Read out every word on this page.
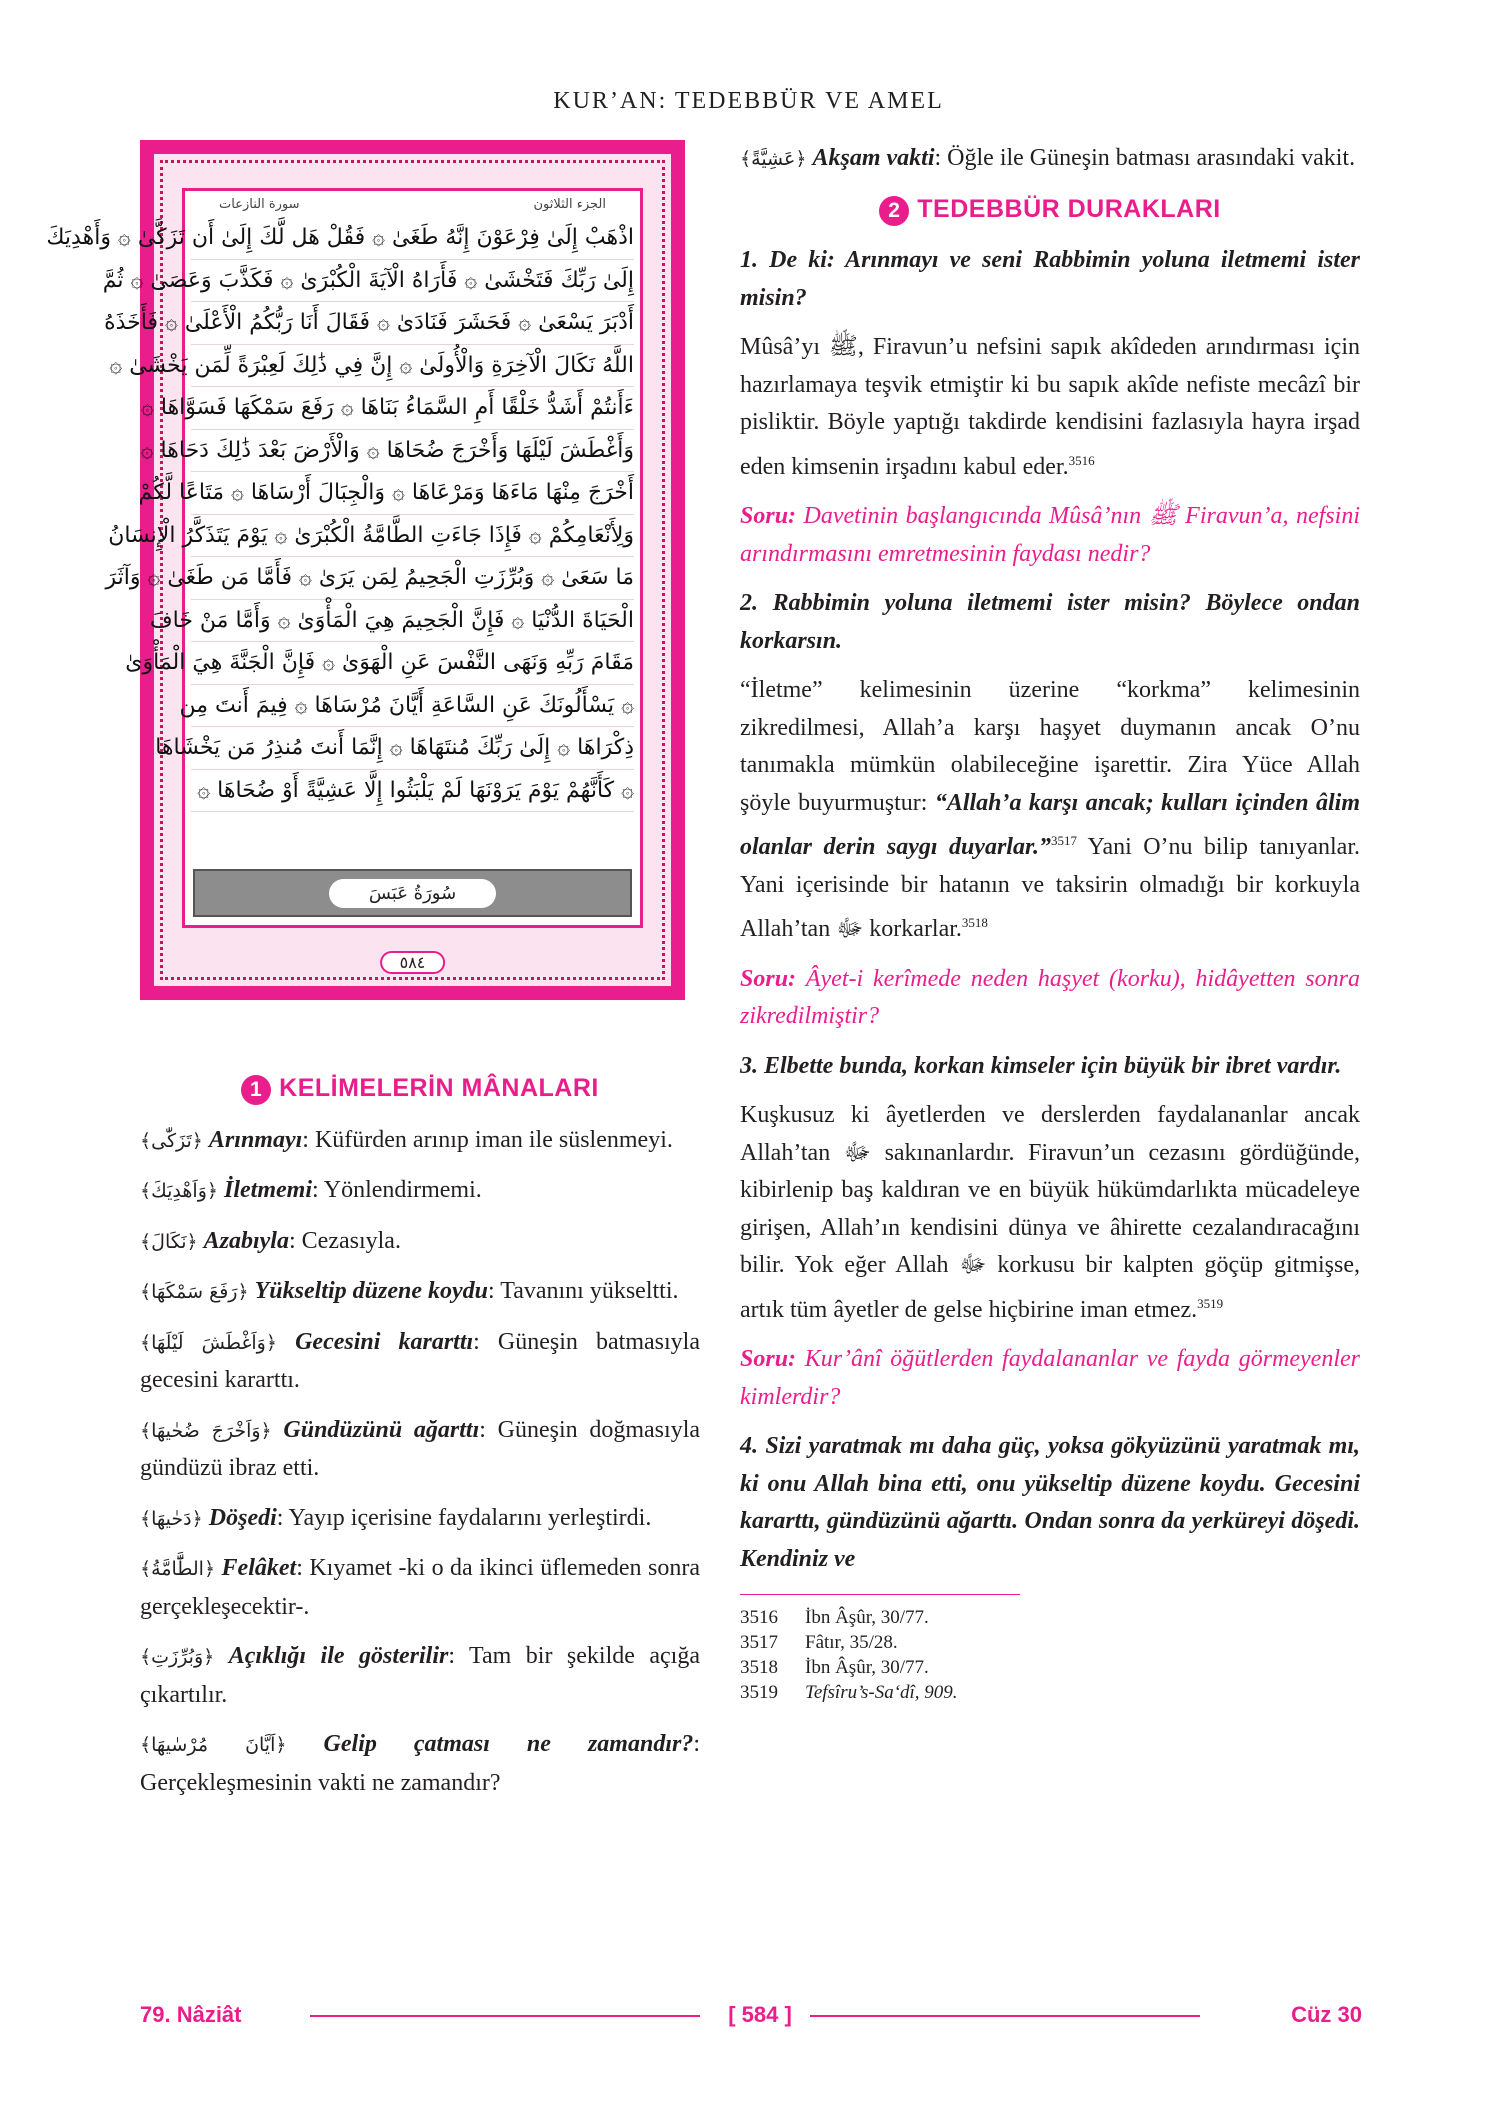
KUR’AN: TEDEBBÜR VE AMEL
سورة النازعات	الجزء الثلاثون
اذْهَبْ إِلَىٰ فِرْعَوْنَ إِنَّهُ طَغَىٰ ۞ فَقُلْ هَل لَّكَ إِلَىٰ أَن تَزَكَّىٰ ۞ وَأَهْدِيَكَ
إِلَىٰ رَبِّكَ فَتَخْشَىٰ ۞ فَأَرَاهُ الْآيَةَ الْكُبْرَىٰ ۞ فَكَذَّبَ وَعَصَىٰ ۞ ثُمَّ
أَدْبَرَ يَسْعَىٰ ۞ فَحَشَرَ فَنَادَىٰ ۞ فَقَالَ أَنَا رَبُّكُمُ الْأَعْلَىٰ ۞ فَأَخَذَهُ
اللَّهُ نَكَالَ الْآخِرَةِ وَالْأُولَىٰ ۞ إِنَّ فِي ذَٰلِكَ لَعِبْرَةً لِّمَن يَخْشَىٰ ۞
ءَأَنتُمْ أَشَدُّ خَلْقًا أَمِ السَّمَاءُ بَنَاهَا ۞ رَفَعَ سَمْكَهَا فَسَوَّاهَا ۞
وَأَغْطَشَ لَيْلَهَا وَأَخْرَجَ ضُحَاهَا ۞ وَالْأَرْضَ بَعْدَ ذَٰلِكَ دَحَاهَا ۞
أَخْرَجَ مِنْهَا مَاءَهَا وَمَرْعَاهَا ۞ وَالْجِبَالَ أَرْسَاهَا ۞ مَتَاعًا لَّكُمْ
وَلِأَنْعَامِكُمْ ۞ فَإِذَا جَاءَتِ الطَّامَّةُ الْكُبْرَىٰ ۞ يَوْمَ يَتَذَكَّرُ الْإِنسَانُ
مَا سَعَىٰ ۞ وَبُرِّزَتِ الْجَحِيمُ لِمَن يَرَىٰ ۞ فَأَمَّا مَن طَغَىٰ ۞ وَآثَرَ
الْحَيَاةَ الدُّنْيَا ۞ فَإِنَّ الْجَحِيمَ هِيَ الْمَأْوَىٰ ۞ وَأَمَّا مَنْ خَافَ
مَقَامَ رَبِّهِ وَنَهَى النَّفْسَ عَنِ الْهَوَىٰ ۞ فَإِنَّ الْجَنَّةَ هِيَ الْمَأْوَىٰ
۞ يَسْأَلُونَكَ عَنِ السَّاعَةِ أَيَّانَ مُرْسَاهَا ۞ فِيمَ أَنتَ مِن
ذِكْرَاهَا ۞ إِلَىٰ رَبِّكَ مُنتَهَاهَا ۞ إِنَّمَا أَنتَ مُنذِرُ مَن يَخْشَاهَا
۞ كَأَنَّهُمْ يَوْمَ يَرَوْنَهَا لَمْ يَلْبَثُوا إِلَّا عَشِيَّةً أَوْ ضُحَاهَا ۞
سُورَةُ عَبَسَ
٥٨٤
1 KELİMELERİN MÂNALARI

﴿تَزَكّٰى﴾ Arınmayı: Küfürden arınıp iman ile süslenmeyi.

﴿وَاَهْدِيَكَ﴾ İletmemi: Yönlendirmemi.

﴿نَكَالَ﴾ Azabıyla: Cezasıyla.

﴿رَفَعَ سَمْكَهَا﴾ Yükseltip düzene koydu: Tavanını yükseltti.

﴿وَاَغْطَشَ لَيْلَهَا﴾ Gecesini kararttı: Güneşin batmasıyla gecesini kararttı.

﴿وَاَخْرَجَ ضُحٰيهَا﴾ Gündüzünü ağarttı: Güneşin doğmasıyla gündüzü ibraz etti.

﴿دَحٰيهَا﴾ Döşedi: Yayıp içerisine faydalarını yerleştirdi.

﴿الطَّٓامَّةُ﴾ Felâket: Kıyamet -ki o da ikinci üflemeden sonra gerçekleşecektir-.

﴿وَبُرِّزَتِ﴾ Açıklığı ile gösterilir: Tam bir şekilde açığa çıkartılır.

﴿اَيَّانَ مُرْسٰيهَا﴾ Gelip çatması ne zamandır?: Gerçekleşmesinin vakti ne zamandır?

﴿عَشِيَّةً﴾ Akşam vakti: Öğle ile Güneşin batması arasındaki vakit.

2 TEDEBBÜR DURAKLARI

1. De ki: Arınmayı ve seni Rabbimin yoluna iletmemi ister misin?

Mûsâ’yı ﷺ, Firavun’u nefsini sapık akîdeden arındırması için hazırlamaya teşvik etmiştir ki bu sapık akîde nefiste mecâzî bir pisliktir. Böyle yaptığı takdirde kendisini fazlasıyla hayra irşad eden kimsenin irşadını kabul eder.$^{3516}$

Soru: Davetinin başlangıcında Mûsâ’nın ﷺ Firavun’a, nefsini arındırmasını emretmesinin faydası nedir?

2. Rabbimin yoluna iletmemi ister misin? Böylece ondan korkarsın.

“İletme” kelimesinin üzerine “korkma” kelimesinin zikredilmesi, Allah’a karşı haşyet duymanın ancak O’nu tanımakla mümkün olabileceğine işarettir. Zira Yüce Allah şöyle buyurmuştur: “Allah’a karşı ancak; kulları içinden âlim olanlar derin saygı duyarlar.”$^{3517}$ Yani O’nu bilip tanıyanlar. Yani içerisinde bir hatanın ve taksirin olmadığı bir korkuyla Allah’tan ﷻ korkarlar.$^{3518}$

Soru: Âyet-i kerîmede neden haşyet (korku), hidâyetten sonra zikredilmiştir?

3. Elbette bunda, korkan kimseler için büyük bir ibret vardır.

Kuşkusuz ki âyetlerden ve derslerden faydalananlar ancak Allah’tan ﷻ sakınanlardır. Firavun’un cezasını gördüğünde, kibirlenip baş kaldıran ve en büyük hükümdarlıkta mücadeleye girişen, Allah’ın kendisini dünya ve âhirette cezalandıracağını bilir. Yok eğer Allah ﷻ korkusu bir kalpten göçüp gitmişse, artık tüm âyetler de gelse hiçbirine iman etmez.$^{3519}$

Soru: Kur’ânî öğütlerden faydalananlar ve fayda görmeyenler kimlerdir?

4. Sizi yaratmak mı daha güç, yoksa gökyüzünü yaratmak mı, ki onu Allah bina etti, onu yükseltip düzene koydu. Gecesini kararttı, gündüzünü ağarttı. Ondan sonra da yerküreyi döşedi. Kendiniz ve

3516 İbn Âşûr, 30/77.
3517 Fâtır, 35/28.
3518 İbn Âşûr, 30/77.
3519 Tefsîru’s-Sa‘dî, 909.
79. Nâziât	[ 584 ]	Cüz 30
